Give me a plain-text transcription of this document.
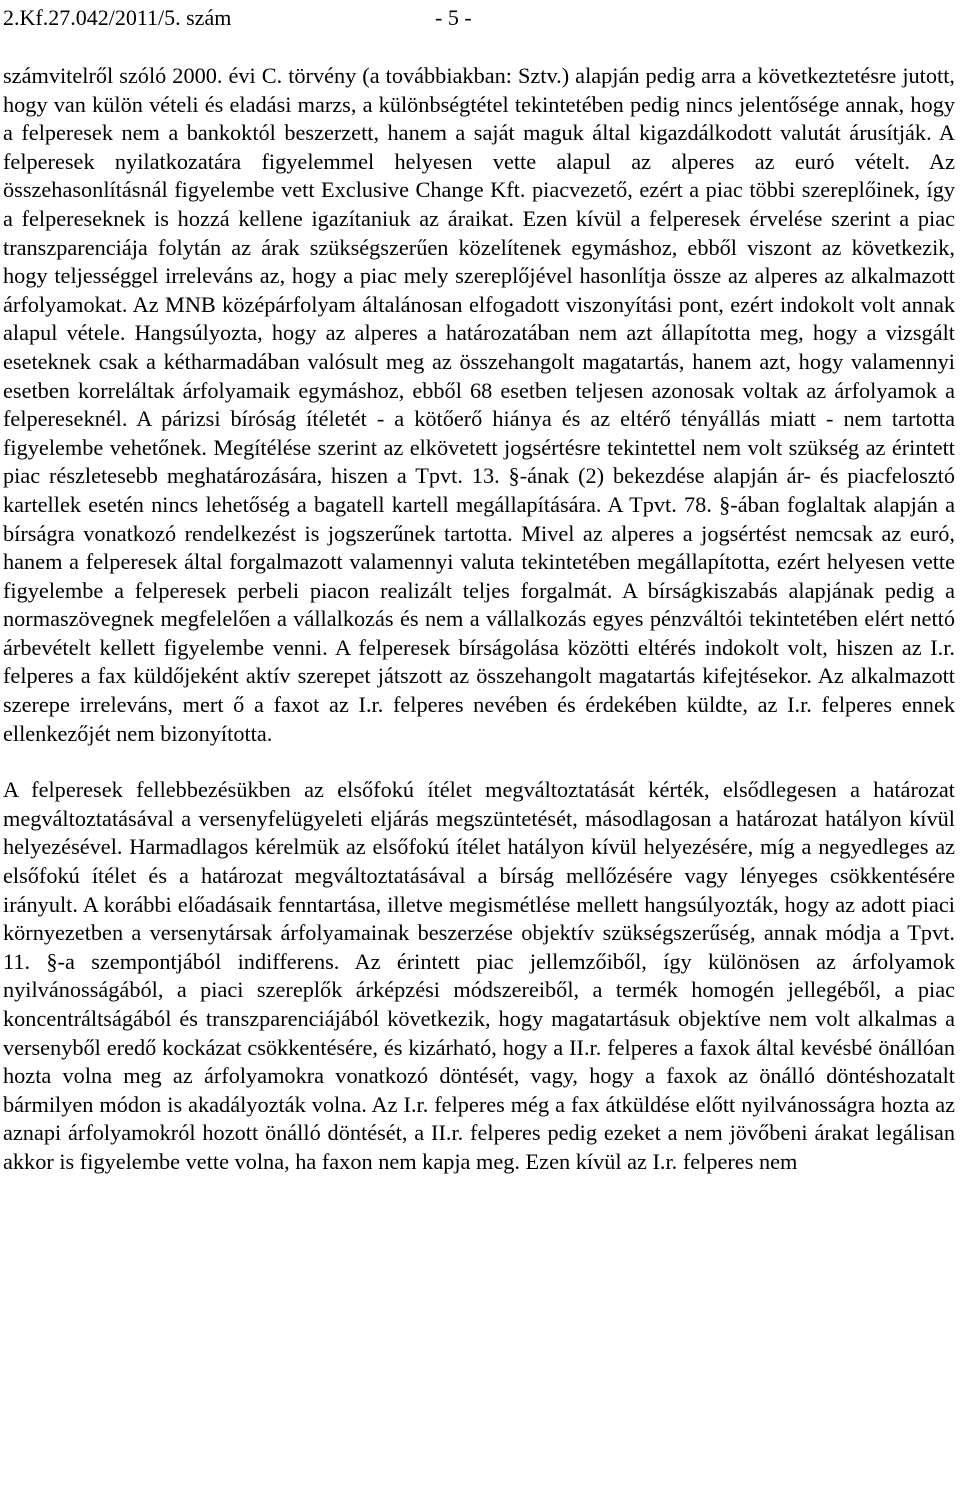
2.Kf.27.042/2011/5. szám	- 5 -

számvitelről szóló 2000. évi C. törvény (a továbbiakban: Sztv.) alapján pedig arra a következtetésre jutott, hogy van külön vételi és eladási marzs, a különbségtétel tekintetében pedig nincs jelentősége annak, hogy a felperesek nem a bankoktól beszerzett, hanem a saját maguk által kigazdálkodott valutát árusítják. A felperesek nyilatkozatára figyelemmel helyesen vette alapul az alperes az euró vételt. Az összehasonlításnál figyelembe vett Exclusive Change Kft. piacvezető, ezért a piac többi szereplőinek, így a felpereseknek is hozzá kellene igazítaniuk az áraikat. Ezen kívül a felperesek érvelése szerint a piac transzparenciája folytán az árak szükségszerűen közelítenek egymáshoz, ebből viszont az következik, hogy teljességgel irreleváns az, hogy a piac mely szereplőjével hasonlítja össze az alperes az alkalmazott árfolyamokat. Az MNB középárfolyam általánosan elfogadott viszonyítási pont, ezért indokolt volt annak alapul vétele. Hangsúlyozta, hogy az alperes a határozatában nem azt állapította meg, hogy a vizsgált eseteknek csak a kétharmadában valósult meg az összehangolt magatartás, hanem azt, hogy valamennyi esetben korreláltak árfolyamaik egymáshoz, ebből 68 esetben teljesen azonosak voltak az árfolyamok a felpereseknél. A párizsi bíróság ítéletét - a kötőerő hiánya és az eltérő tényállás miatt - nem tartotta figyelembe vehetőnek. Megítélése szerint az elkövetett jogsértésre tekintettel nem volt szükség az érintett piac részletesebb meghatározására, hiszen a Tpvt. 13. §-ának (2) bekezdése alapján ár- és piacfelosztó kartellek esetén nincs lehetőség a bagatell kartell megállapítására. A Tpvt. 78. §-ában foglaltak alapján a bírságra vonatkozó rendelkezést is jogszerűnek tartotta. Mivel az alperes a jogsértést nemcsak az euró, hanem a felperesek által forgalmazott valamennyi valuta tekintetében megállapította, ezért helyesen vette figyelembe a felperesek perbeli piacon realizált teljes forgalmát. A bírságkiszabás alapjának pedig a normaszövegnek megfelelően a vállalkozás és nem a vállalkozás egyes pénzváltói tekintetében elért nettó árbevételt kellett figyelembe venni. A felperesek bírságolása közötti eltérés indokolt volt, hiszen az I.r. felperes a fax küldőjeként aktív szerepet játszott az összehangolt magatartás kifejtésekor. Az alkalmazott szerepe irreleváns, mert ő a faxot az I.r. felperes nevében és érdekében küldte, az I.r. felperes ennek ellenkezőjét nem bizonyította.

A felperesek fellebbezésükben az elsőfokú ítélet megváltoztatását kérték, elsődlegesen a határozat megváltoztatásával a versenyfelügyeleti eljárás megszüntetését, másodlagosan a határozat hatályon kívül helyezésével. Harmadlagos kérelmük az elsőfokú ítélet hatályon kívül helyezésére, míg a negyedleges az elsőfokú ítélet és a határozat megváltoztatásával a bírság mellőzésére vagy lényeges csökkentésére irányult. A korábbi előadásaik fenntartása, illetve megismétlése mellett hangsúlyozták, hogy az adott piaci környezetben a versenytársak árfolyamainak beszerzése objektív szükségszerűség, annak módja a Tpvt. 11. §-a szempontjából indifferens. Az érintett piac jellemzőiből, így különösen az árfolyamok nyilvánosságából, a piaci szereplők árképzési módszereiből, a termék homogén jellegéből, a piac koncentráltságából és transzparenciájából következik, hogy magatartásuk objektíve nem volt alkalmas a versenyből eredő kockázat csökkentésére, és kizárható, hogy a II.r. felperes a faxok által kevésbé önállóan hozta volna meg az árfolyamokra vonatkozó döntését, vagy, hogy a faxok az önálló döntéshozatalt bármilyen módon is akadályozták volna. Az I.r. felperes még a fax átküldése előtt nyilvánosságra hozta az aznapi árfolyamokról hozott önálló döntését, a II.r. felperes pedig ezeket a nem jövőbeni árakat legálisan akkor is figyelembe vette volna, ha faxon nem kapja meg. Ezen kívül az I.r. felperes nem
